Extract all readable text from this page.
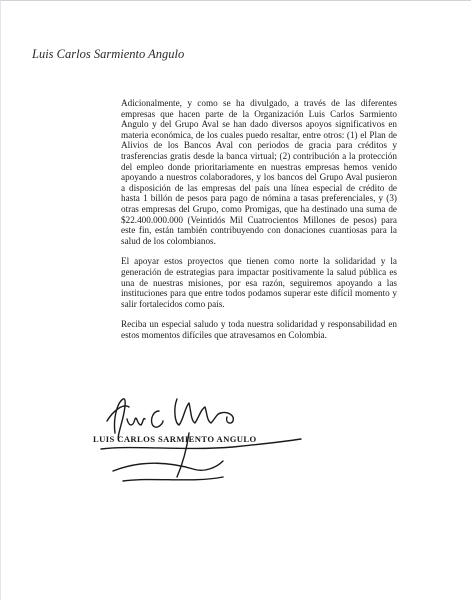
Luis Carlos Sarmiento Angulo

Adicionalmente, y como se ha divulgado, a través de las diferentes empresas que hacen parte de la Organización Luis Carlos Sarmiento Angulo y del Grupo Aval se han dado diversos apoyos significativos en materia económica, de los cuales puedo resaltar, entre otros: (1) el Plan de Alivios de los Bancos Aval con periodos de gracia para créditos y trasferencias gratis desde la banca virtual; (2) contribución a la protección del empleo donde prioritariamente en nuestras empresas hemos venido apoyando a nuestros colaboradores, y los bancos del Grupo Aval pusieron a disposición de las empresas del país una línea especial de crédito de hasta 1 billón de pesos para pago de nómina a tasas preferenciales, y (3) otras empresas del Grupo, como Promigas, que ha destinado una suma de $22.400.000.000 (Veintidós Mil Cuatrocientos Millones de pesos) para este fin, están también contribuyendo con donaciones cuantiosas para la salud de los colombianos.

El apoyar estos proyectos que tienen como norte la solidaridad y la generación de estrategias para impactar positivamente la salud pública es una de nuestras misiones, por esa razón, seguiremos apoyando a las instituciones para que entre todos podamos superar este difícil momento y salir fortalecidos como país.

Reciba un especial saludo y toda nuestra solidaridad y responsabilidad en estos momentos difíciles que atravesamos en Colombia.

LUIS CARLOS SARMIENTO ANGULO
